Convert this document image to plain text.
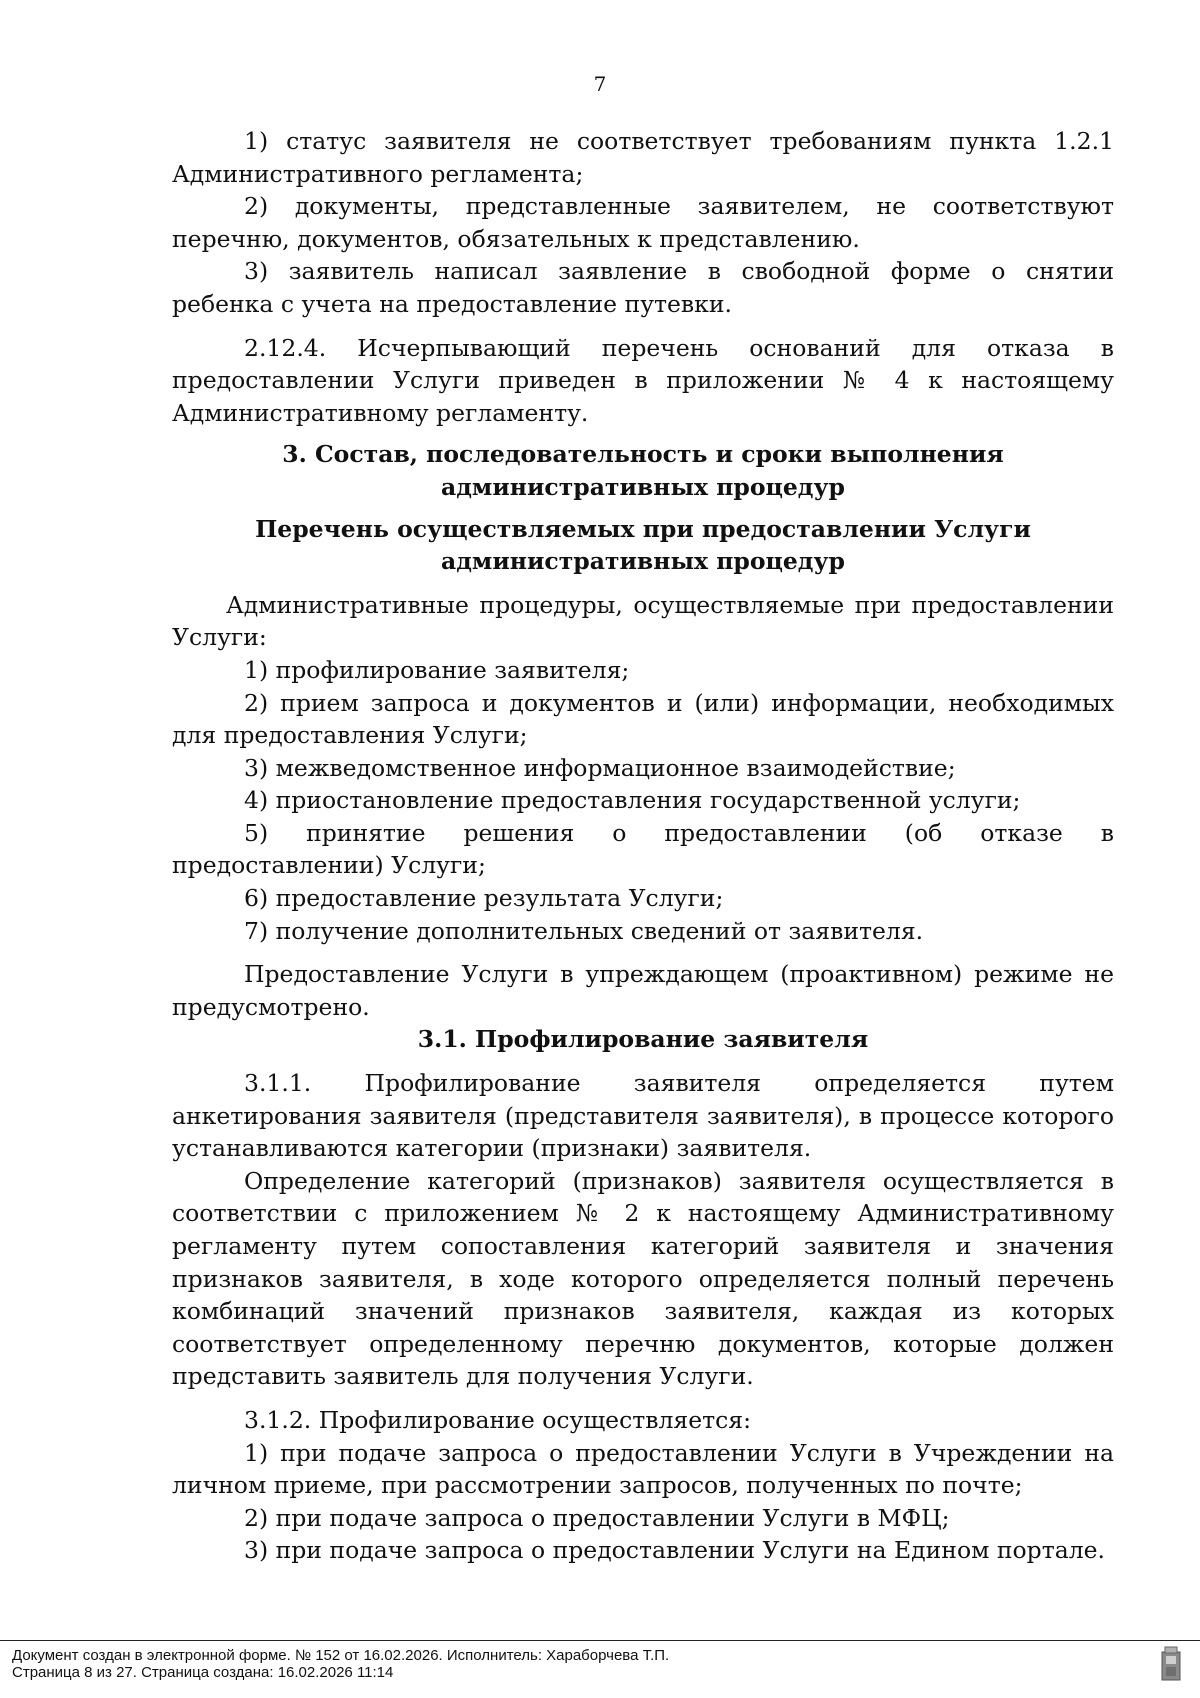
7

1) статус заявителя не соответствует требованиям пункта 1.2.1 Административного регламента;

2) документы, представленные заявителем, не соответствуют перечню, документов, обязательных к представлению.

3) заявитель написал заявление в свободной форме о снятии ребенка с учета на предоставление путевки.

2.12.4. Исчерпывающий перечень оснований для отказа в предоставлении Услуги приведен в приложении № 4 к настоящему Административному регламенту.

3. Состав, последовательность и сроки выполнения административных процедур

Перечень осуществляемых при предоставлении Услуги административных процедур

Административные процедуры, осуществляемые при предоставлении Услуги:

1) профилирование заявителя;

2) прием запроса и документов и (или) информации, необходимых для предоставления Услуги;

3) межведомственное информационное взаимодействие;

4) приостановление предоставления государственной услуги;

5) принятие решения о предоставлении (об отказе в предоставлении) Услуги;

6) предоставление результата Услуги;

7) получение дополнительных сведений от заявителя.

Предоставление Услуги в упреждающем (проактивном) режиме не предусмотрено.

3.1. Профилирование заявителя

3.1.1. Профилирование заявителя определяется путем анкетирования заявителя (представителя заявителя), в процессе которого устанавливаются категории (признаки) заявителя.

Определение категорий (признаков) заявителя осуществляется в соответствии с приложением № 2 к настоящему Административному регламенту путем сопоставления категорий заявителя и значения признаков заявителя, в ходе которого определяется полный перечень комбинаций значений признаков заявителя, каждая из которых соответствует определенному перечню документов, которые должен представить заявитель для получения Услуги.

3.1.2. Профилирование осуществляется:

1) при подаче запроса о предоставлении Услуги в Учреждении на личном приеме, при рассмотрении запросов, полученных по почте;

2) при подаче запроса о предоставлении Услуги в МФЦ;

3) при подаче запроса о предоставлении Услуги на Едином портале.

Документ создан в электронной форме. № 152 от 16.02.2026. Исполнитель: Хараборчева Т.П.
Страница 8 из 27. Страница создана: 16.02.2026 11:14
